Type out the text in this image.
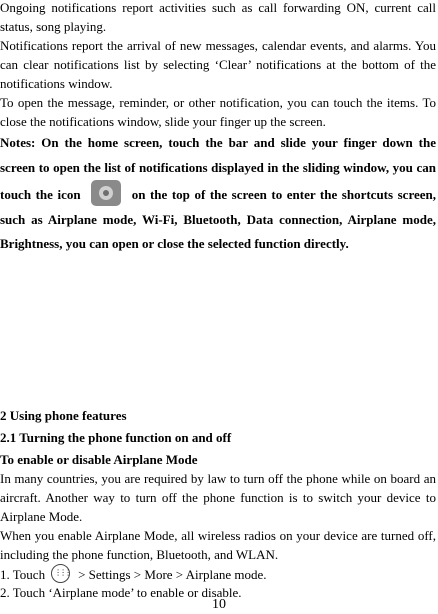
Ongoing notifications report activities such as call forwarding ON, current call status, song playing.

Notifications report the arrival of new messages, calendar events, and alarms. You can clear notifications list by selecting ‘Clear’ notifications at the bottom of the notifications window.

To open the message, reminder, or other notification, you can touch the items. To close the notifications window, slide your finger up the screen.

Notes: On the home screen, touch the bar and slide your finger down the screen to open the list of notifications displayed in the sliding window, you can touch the icon	on the top of the screen to enter the shortcuts screen, such as Airplane mode, Wi-Fi, Bluetooth, Data connection, Airplane mode, Brightness, you can open or close the selected function directly.

2 Using phone features

2.1 Turning the phone function on and off

To enable or disable Airplane Mode

In many countries, you are required by law to turn off the phone while on board an aircraft. Another way to turn off the phone function is to switch your device to Airplane Mode.

When you enable Airplane Mode, all wireless radios on your device are turned off, including the phone function, Bluetooth, and WLAN.

1. Touch⋮⋮⋮	> Settings > More > Airplane mode.

2. Touch ‘Airplane mode’ to enable or disable.

10
